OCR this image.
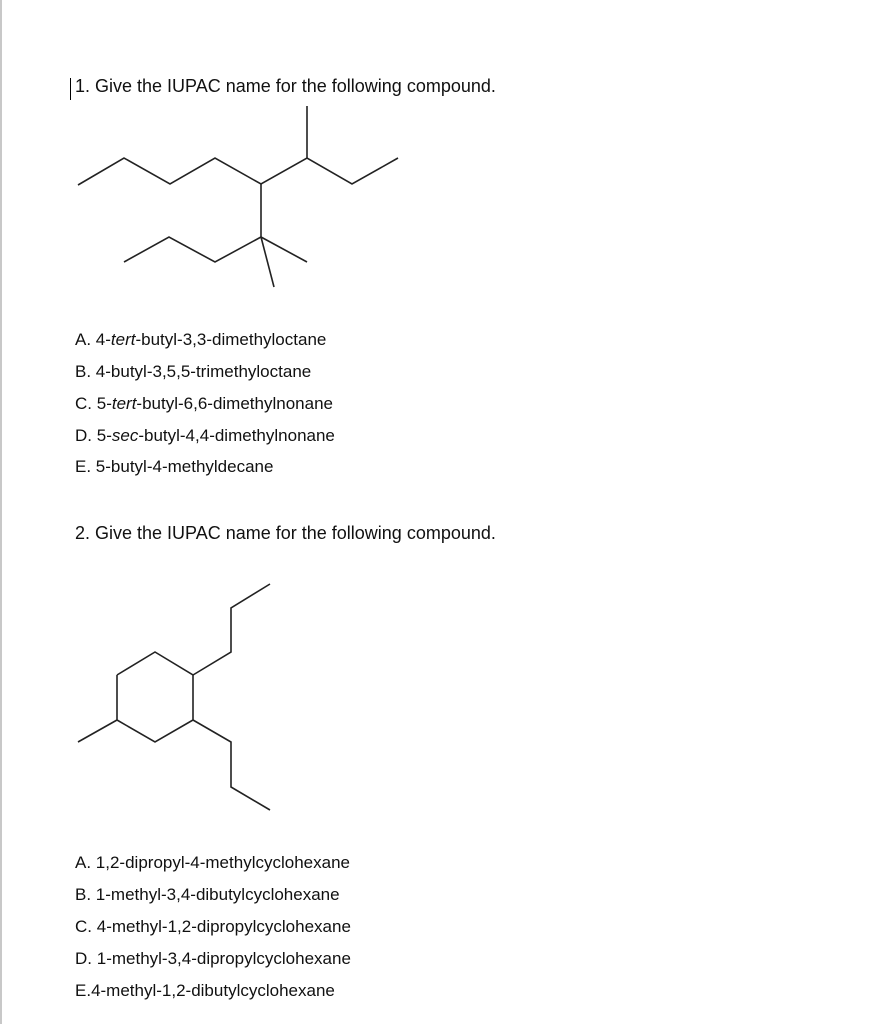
1. Give the IUPAC name for the following compound.
A. 4-tert-butyl-3,3-dimethyloctane
B. 4-butyl-3,5,5-trimethyloctane
C. 5-tert-butyl-6,6-dimethylnonane
D. 5-sec-butyl-4,4-dimethylnonane
E. 5-butyl-4-methyldecane
2. Give the IUPAC name for the following compound.
A. 1,2-dipropyl-4-methylcyclohexane
B. 1-methyl-3,4-dibutylcyclohexane
C. 4-methyl-1,2-dipropylcyclohexane
D. 1-methyl-3,4-dipropylcyclohexane
E.4-methyl-1,2-dibutylcyclohexane
